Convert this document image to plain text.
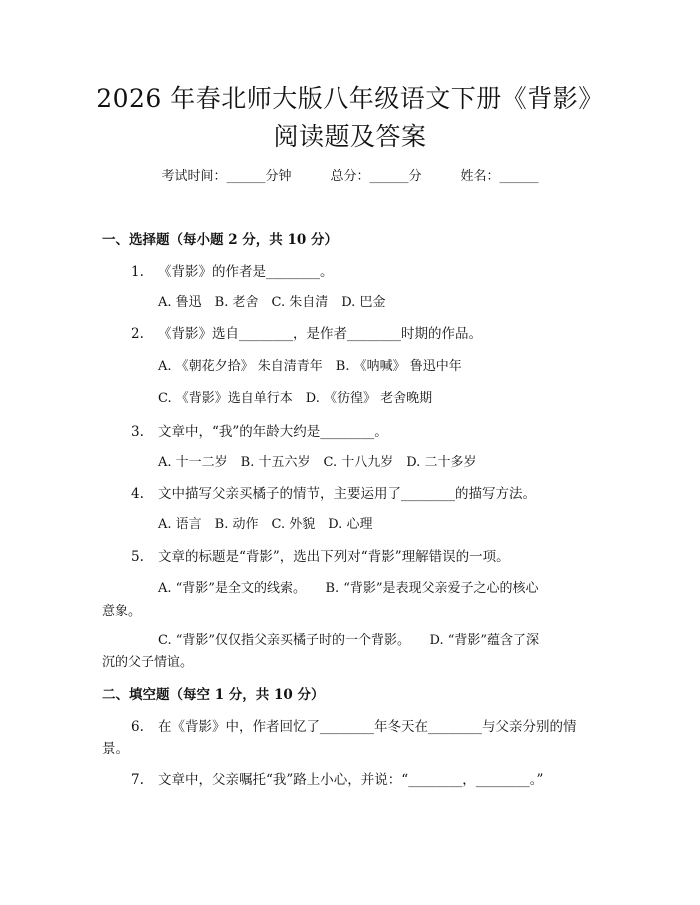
2026 年春北师大版八年级语文下册《背影》
阅读题及答案
考试时间：______分钟　　　	总分：______分　　　	姓名：______
一、选择题（每小题 2 分，共 10 分）
1. 《背影》的作者是________。
A. 鲁迅　B. 老舍　C. 朱自清　D. 巴金
2. 《背影》选自________，是作者________时期的作品。
A. 《朝花夕拾》 朱自清青年　B. 《呐喊》 鲁迅中年
C. 《背影》选自单行本　D. 《彷徨》 老舍晚期
3. 文章中，“我”的年龄大约是________。
A. 十一二岁　B. 十五六岁　C. 十八九岁　D. 二十多岁
4. 文中描写父亲买橘子的情节，主要运用了________的描写方法。
A. 语言　B. 动作　C. 外貌　D. 心理
5. 文章的标题是“背影”，选出下列对“背影”理解错误的一项。
A. “背影”是全文的线索。　　B. “背影”是表现父亲爱子之心的核心
意象。
C. “背影”仅仅指父亲买橘子时的一个背影。　　D. “背影”蕴含了深
沉的父子情谊。
二、填空题（每空 1 分，共 10 分）
6. 在《背影》中，作者回忆了________年冬天在________与父亲分别的情
景。
7. 文章中，父亲嘱托“我”路上小心，并说：“________，________。”
